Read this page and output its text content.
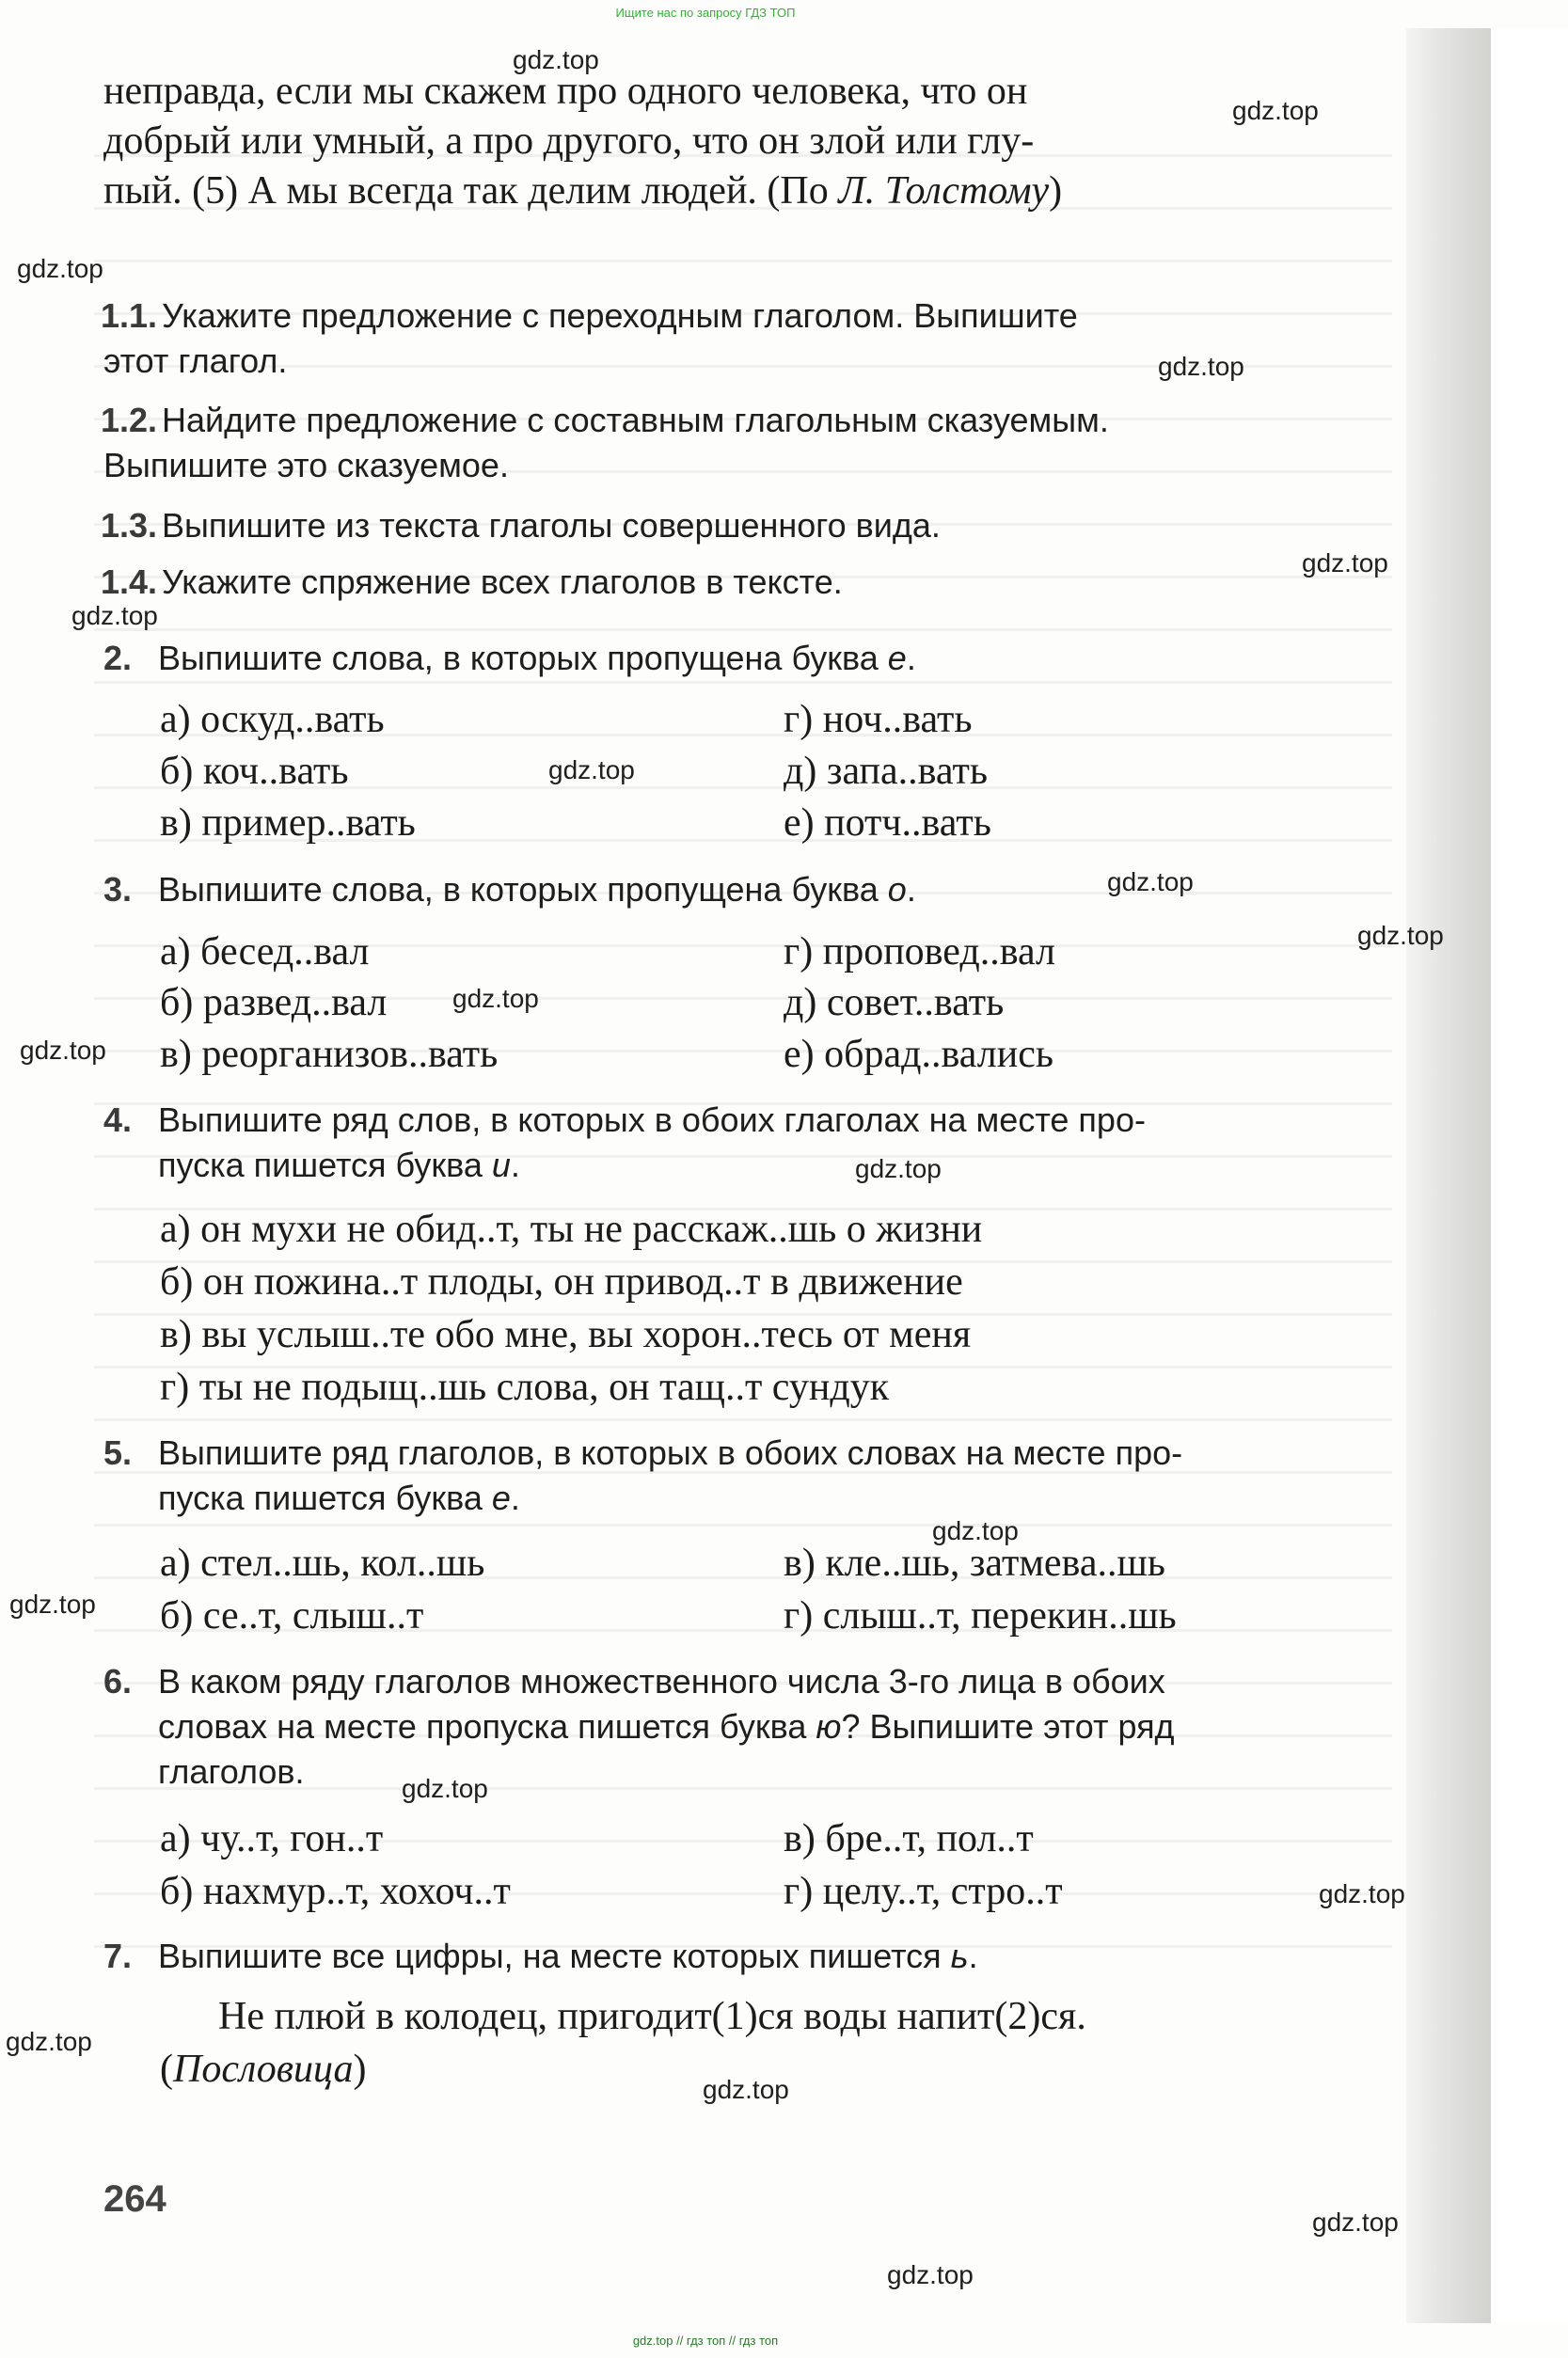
Ищите нас по запросу ГДЗ ТОП
неправда, если мы скажем про одного человека, что он
добрый или умный, а про другого, что он злой или глу-
пый. (5) А мы всегда так делим людей. (По Л. Толстому)
1.1. Укажите предложение с переходным глаголом. Выпишите
этот глагол.
1.2. Найдите предложение с составным глагольным сказуемым.
Выпишите это сказуемое.
1.3. Выпишите из текста глаголы совершенного вида.
1.4. Укажите спряжение всех глаголов в тексте.
2. Выпишите слова, в которых пропущена буква е.
а) оскуд..вать
б) коч..вать
в) пример..вать
г) ноч..вать
д) запа..вать
е) потч..вать
3. Выпишите слова, в которых пропущена буква о.
а) бесед..вал
б) развед..вал
в) реорганизов..вать
г) проповед..вал
д) совет..вать
е) обрад..вались
4. Выпишите ряд слов, в которых в обоих глаголах на месте про-
пуска пишется буква и.
а) он мухи не обид..т, ты не расскаж..шь о жизни
б) он пожина..т плоды, он привод..т в движение
в) вы услыш..те обо мне, вы хорон..тесь от меня
г) ты не подыщ..шь слова, он тащ..т сундук
5. Выпишите ряд глаголов, в которых в обоих словах на месте про-
пуска пишется буква е.
а) стел..шь, кол..шь
б) се..т, слыш..т
в) кле..шь, затмева..шь
г) слыш..т, перекин..шь
6. В каком ряду глаголов множественного числа 3-го лица в обоих
словах на месте пропуска пишется буква ю? Выпишите этот ряд
глаголов.
а) чу..т, гон..т
б) нахмур..т, хохоч..т
в) бре..т, пол..т
г) целу..т, стро..т
7. Выпишите все цифры, на месте которых пишется ь.
Не плюй в колодец, пригодит(1)ся воды напит(2)ся.
(Пословица)
264
gdz.top
gdz.top
gdz.top
gdz.top
gdz.top
gdz.top
gdz.top
gdz.top
gdz.top
gdz.top
gdz.top
gdz.top
gdz.top
gdz.top
gdz.top
gdz.top
gdz.top
gdz.top
gdz.top
gdz.top
gdz.top // гдз топ // гдз топ
